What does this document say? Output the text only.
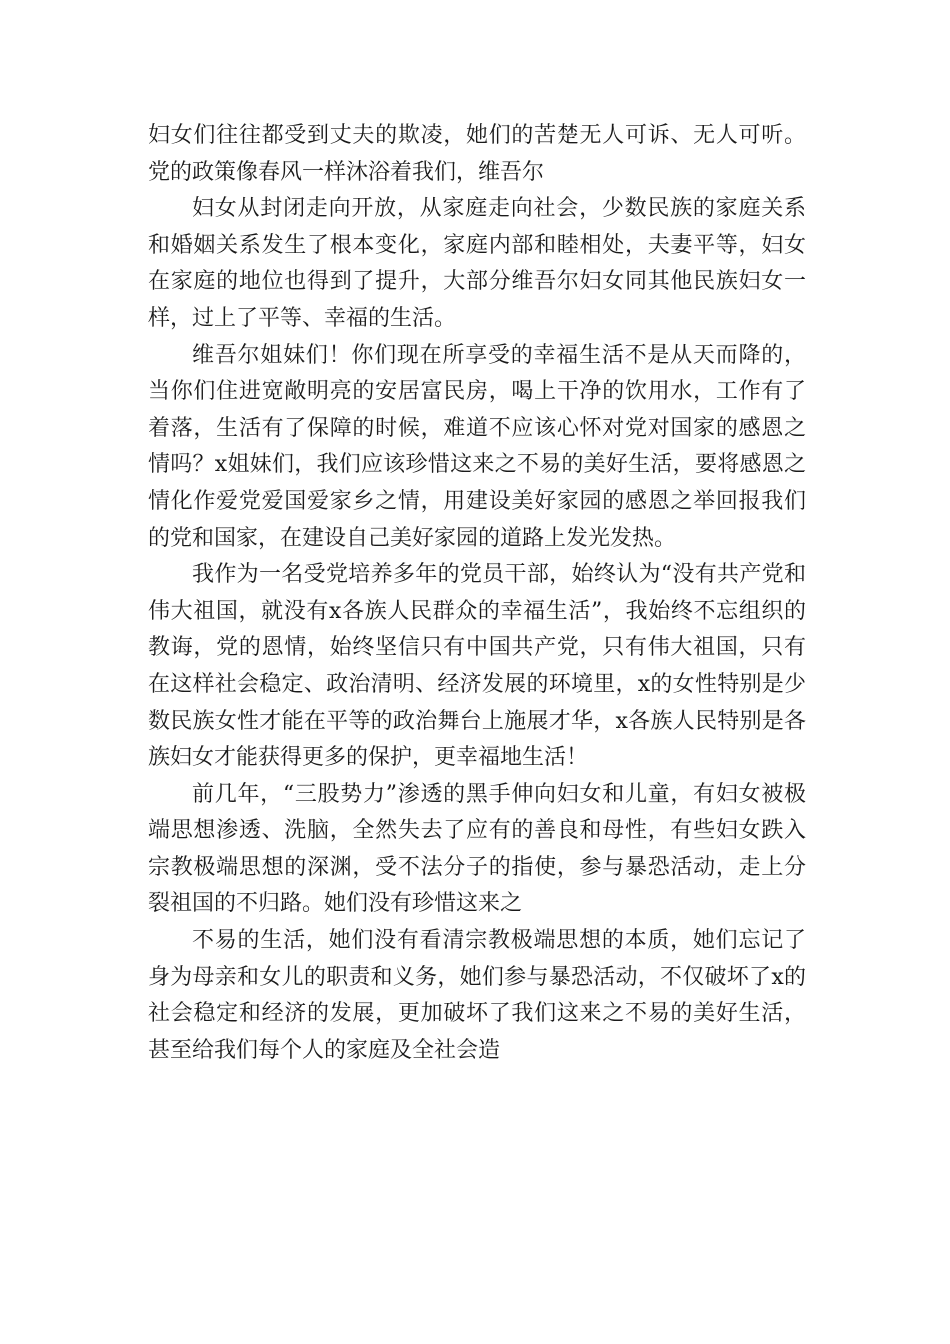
妇女们往往都受到丈夫的欺凌，她们的苦楚无人可诉、无人可听。党的政策像春风一样沐浴着我们，维吾尔

妇女从封闭走向开放，从家庭走向社会，少数民族的家庭关系和婚姻关系发生了根本变化，家庭内部和睦相处，夫妻平等，妇女在家庭的地位也得到了提升，大部分维吾尔妇女同其他民族妇女一样，过上了平等、幸福的生活。

维吾尔姐妹们！你们现在所享受的幸福生活不是从天而降的，当你们住进宽敞明亮的安居富民房，喝上干净的饮用水，工作有了着落，生活有了保障的时候，难道不应该心怀对党对国家的感恩之情吗？x姐妹们，我们应该珍惜这来之不易的美好生活，要将感恩之情化作爱党爱国爱家乡之情，用建设美好家园的感恩之举回报我们的党和国家，在建设自己美好家园的道路上发光发热。

我作为一名受党培养多年的党员干部，始终认为“没有共产党和伟大祖国，就没有x各族人民群众的幸福生活”，我始终不忘组织的教诲，党的恩情，始终坚信只有中国共产党，只有伟大祖国，只有在这样社会稳定、政治清明、经济发展的环境里，x的女性特别是少数民族女性才能在平等的政治舞台上施展才华，x各族人民特别是各族妇女才能获得更多的保护，更幸福地生活！

前几年，“三股势力”渗透的黑手伸向妇女和儿童，有妇女被极端思想渗透、洗脑，全然失去了应有的善良和母性，有些妇女跌入宗教极端思想的深渊，受不法分子的指使，参与暴恐活动，走上分裂祖国的不归路。她们没有珍惜这来之

不易的生活，她们没有看清宗教极端思想的本质，她们忘记了身为母亲和女儿的职责和义务，她们参与暴恐活动，不仅破坏了x的社会稳定和经济的发展，更加破坏了我们这来之不易的美好生活，甚至给我们每个人的家庭及全社会造
